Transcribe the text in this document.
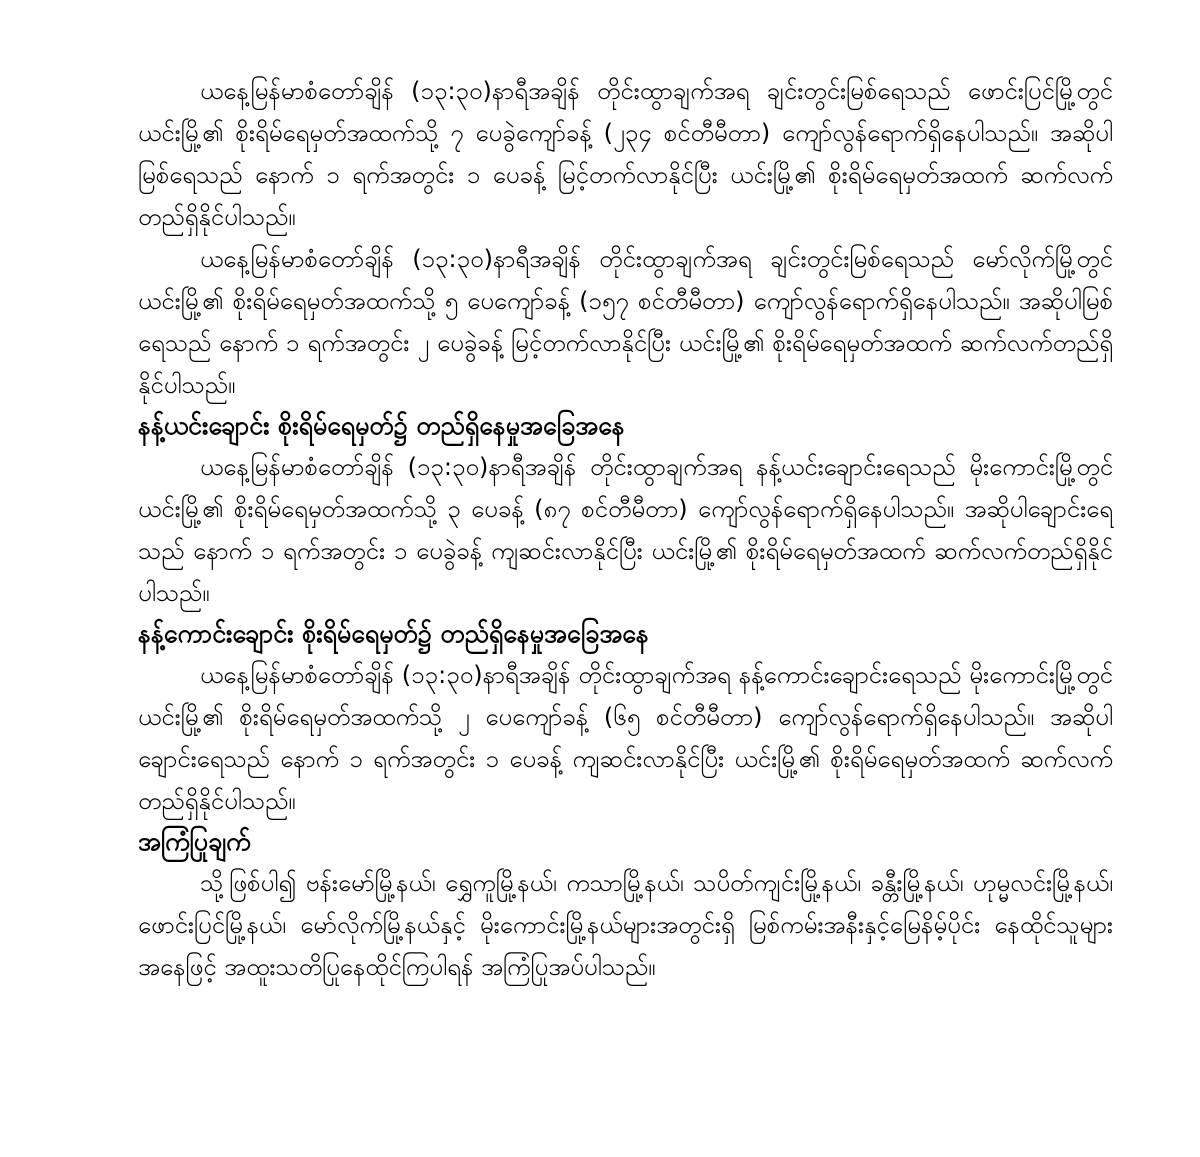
ယနေ့မြန်မာစံတော်ချိန် (၁၃:၃၀)နာရီအချိန် တိုင်းထွာချက်အရ ချင်းတွင်းမြစ်ရေသည် ဖောင်းပြင်မြို့တွင် ယင်းမြို့၏ စိုးရိမ်ရေမှတ်အထက်သို့ ၇ ပေခွဲကျော်ခန့် (၂၃၄ စင်တီမီတာ) ကျော်လွန်ရောက်ရှိနေပါသည်။ အဆိုပါမြစ်ရေသည် နောက် ၁ ရက်အတွင်း ၁ ပေခန့် မြင့်တက်လာနိုင်ပြီး ယင်းမြို့၏ စိုးရိမ်ရေမှတ်အထက် ဆက်လက်တည်ရှိနိုင်ပါသည်။

ယနေ့မြန်မာစံတော်ချိန် (၁၃:၃၀)နာရီအချိန် တိုင်းထွာချက်အရ ချင်းတွင်းမြစ်ရေသည် မော်လိုက်မြို့တွင် ယင်းမြို့၏ စိုးရိမ်ရေမှတ်အထက်သို့ ၅ ပေကျော်ခန့် (၁၅၇ စင်တီမီတာ) ကျော်လွန်ရောက်ရှိနေပါသည်။ အဆိုပါမြစ်ရေသည် နောက် ၁ ရက်အတွင်း ၂ ပေခွဲခန့် မြင့်တက်လာနိုင်ပြီး ယင်းမြို့၏ စိုးရိမ်ရေမှတ်အထက် ဆက်လက်တည်ရှိနိုင်ပါသည်။

နန့်ယင်းချောင်း စိုးရိမ်ရေမှတ်၌ တည်ရှိနေမှုအခြေအနေ

ယနေ့မြန်မာစံတော်ချိန် (၁၃:၃၀)နာရီအချိန် တိုင်းထွာချက်အရ နန့်ယင်းချောင်းရေသည် မိုးကောင်းမြို့တွင် ယင်းမြို့၏ စိုးရိမ်ရေမှတ်အထက်သို့ ၃ ပေခန့် (၈၇ စင်တီမီတာ) ကျော်လွန်ရောက်ရှိနေပါသည်။ အဆိုပါချောင်းရေသည် နောက် ၁ ရက်အတွင်း ၁ ပေခွဲခန့် ကျဆင်းလာနိုင်ပြီး ယင်းမြို့၏ စိုးရိမ်ရေမှတ်အထက် ဆက်လက်တည်ရှိနိုင်ပါသည်။

နန့်ကောင်းချောင်း စိုးရိမ်ရေမှတ်၌ တည်ရှိနေမှုအခြေအနေ

ယနေ့မြန်မာစံတော်ချိန် (၁၃:၃၀)နာရီအချိန် တိုင်းထွာချက်အရ နန့်ကောင်းချောင်းရေသည် မိုးကောင်းမြို့တွင် ယင်းမြို့၏ စိုးရိမ်ရေမှတ်အထက်သို့ ၂ ပေကျော်ခန့် (၆၅ စင်တီမီတာ) ကျော်လွန်ရောက်ရှိနေပါသည်။ အဆိုပါချောင်းရေသည် နောက် ၁ ရက်အတွင်း ၁ ပေခန့် ကျဆင်းလာနိုင်ပြီး ယင်းမြို့၏ စိုးရိမ်ရေမှတ်အထက် ဆက်လက်တည်ရှိနိုင်ပါသည်။

အကြံပြုချက်

သို့ဖြစ်ပါ၍ ဗန်းမော်မြို့နယ်၊ ရွှေကူမြို့နယ်၊ ကသာမြို့နယ်၊ သပိတ်ကျင်းမြို့နယ်၊ ခန္တီးမြို့နယ်၊ ဟုမ္မလင်းမြို့နယ်၊ ဖောင်းပြင်မြို့နယ်၊ မော်လိုက်မြို့နယ်နှင့် မိုးကောင်းမြို့နယ်များအတွင်းရှိ မြစ်ကမ်းအနီးနှင့်မြေနိမ့်ပိုင်း နေထိုင်သူများအနေဖြင့် အထူးသတိပြုနေထိုင်ကြပါရန် အကြံပြုအပ်ပါသည်။
